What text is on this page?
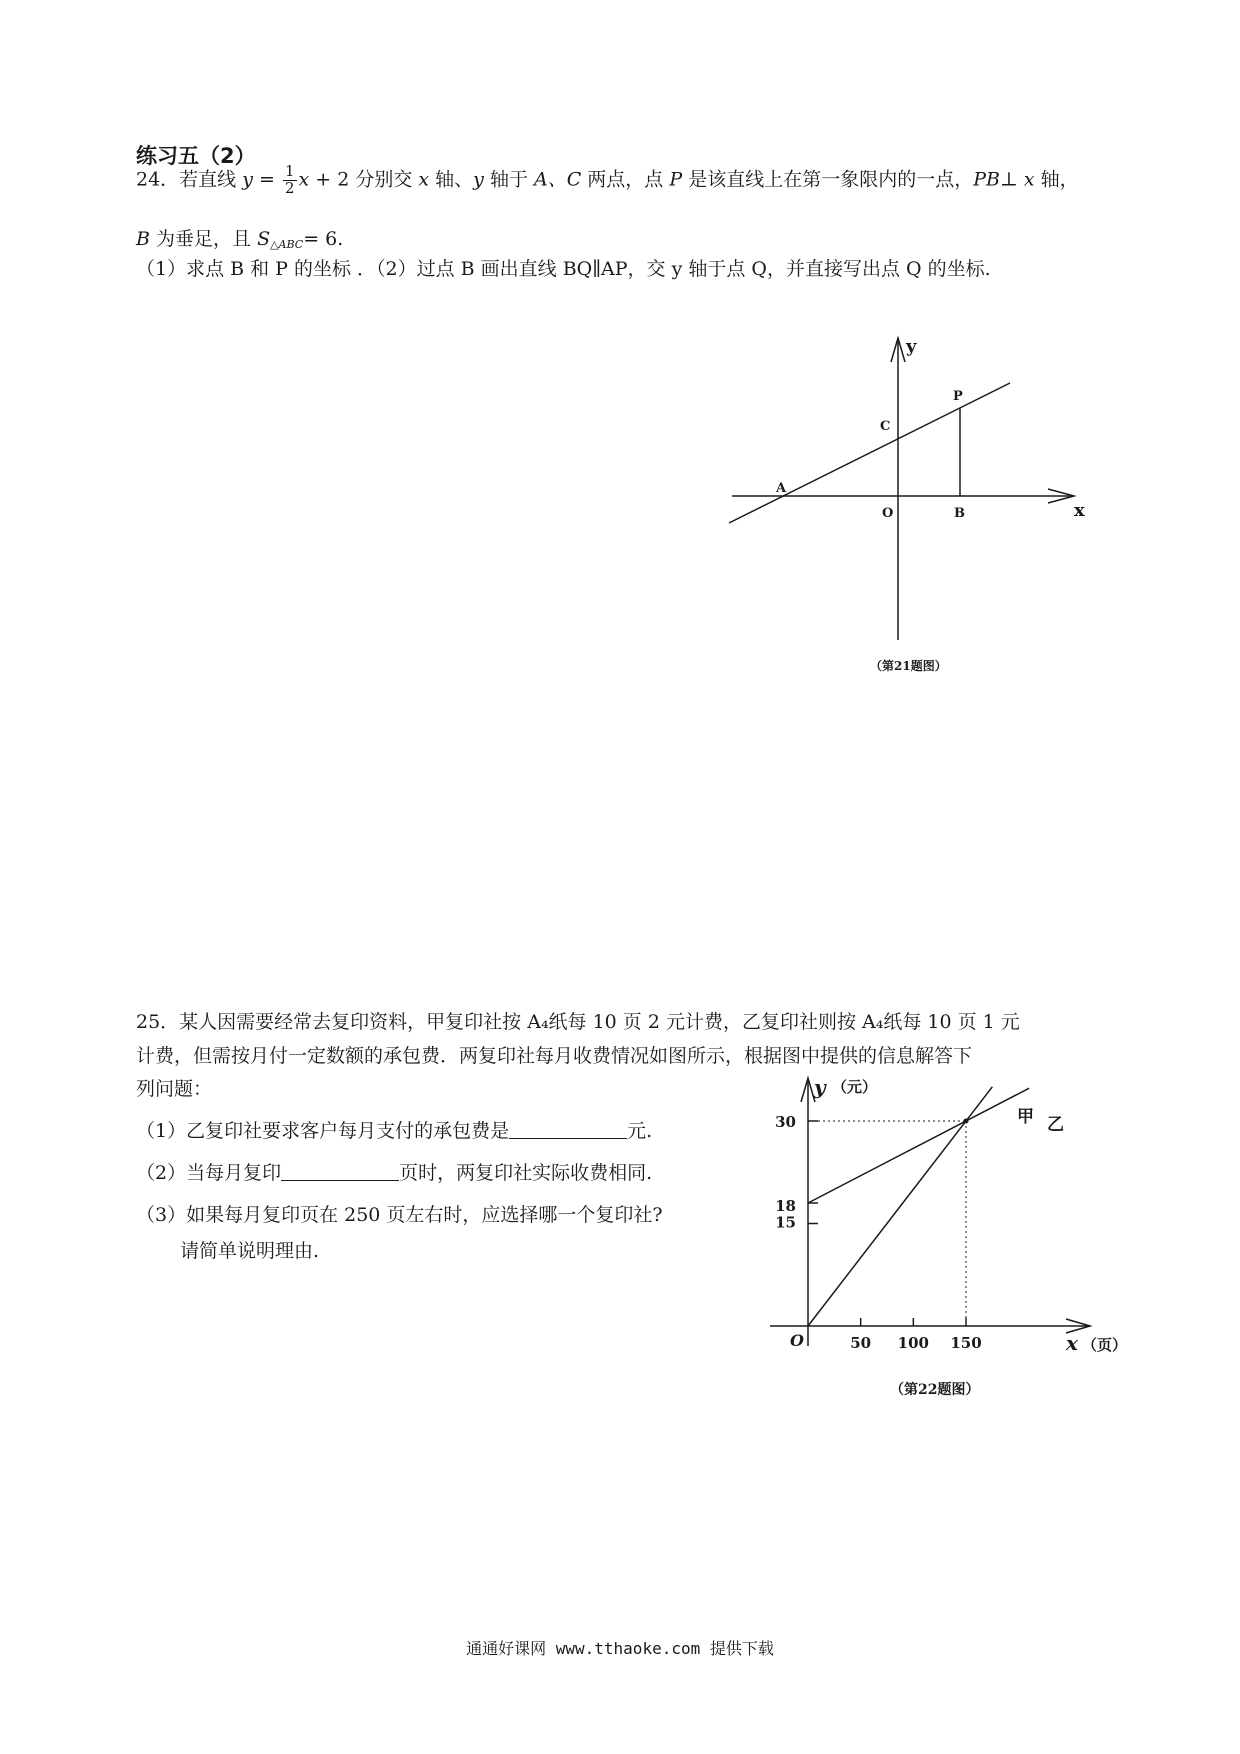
练习五（2）
24．若直线 $y = \frac{1}{2}$ x + 2 分别交 x 轴、y 轴于 A、C 两点，点 P 是该直线上在第一象限内的一点，PB⊥ x 轴，
B 为垂足，且 $S_{\triangle ABC}= 6$.
（1）求点 B 和 P 的坐标 ．（2）过点 B 画出直线 BQ∥AP，交 y 轴于点 Q，并直接写出点 Q 的坐标.
y
x
O
A
B
C
P
（第21题图）
25．某人因需要经常去复印资料，甲复印社按 A₄纸每 10 页 2 元计费，乙复印社则按 A₄纸每 10 页 1 元
计费，但需按月付一定数额的承包费．两复印社每月收费情况如图所示，根据图中提供的信息解答下
列问题：
（1）乙复印社要求客户每月支付的承包费是	元.
（2）当每月复印	页时，两复印社实际收费相同.
（3）如果每月复印页在 250 页左右时，应选择哪一个复印社?
请简单说明理由.
50 100 150
15
18
30
y （元）
x （页）
O
甲 乙
（第22题图）
通通好课网 www.tthaoke.com 提供下载
